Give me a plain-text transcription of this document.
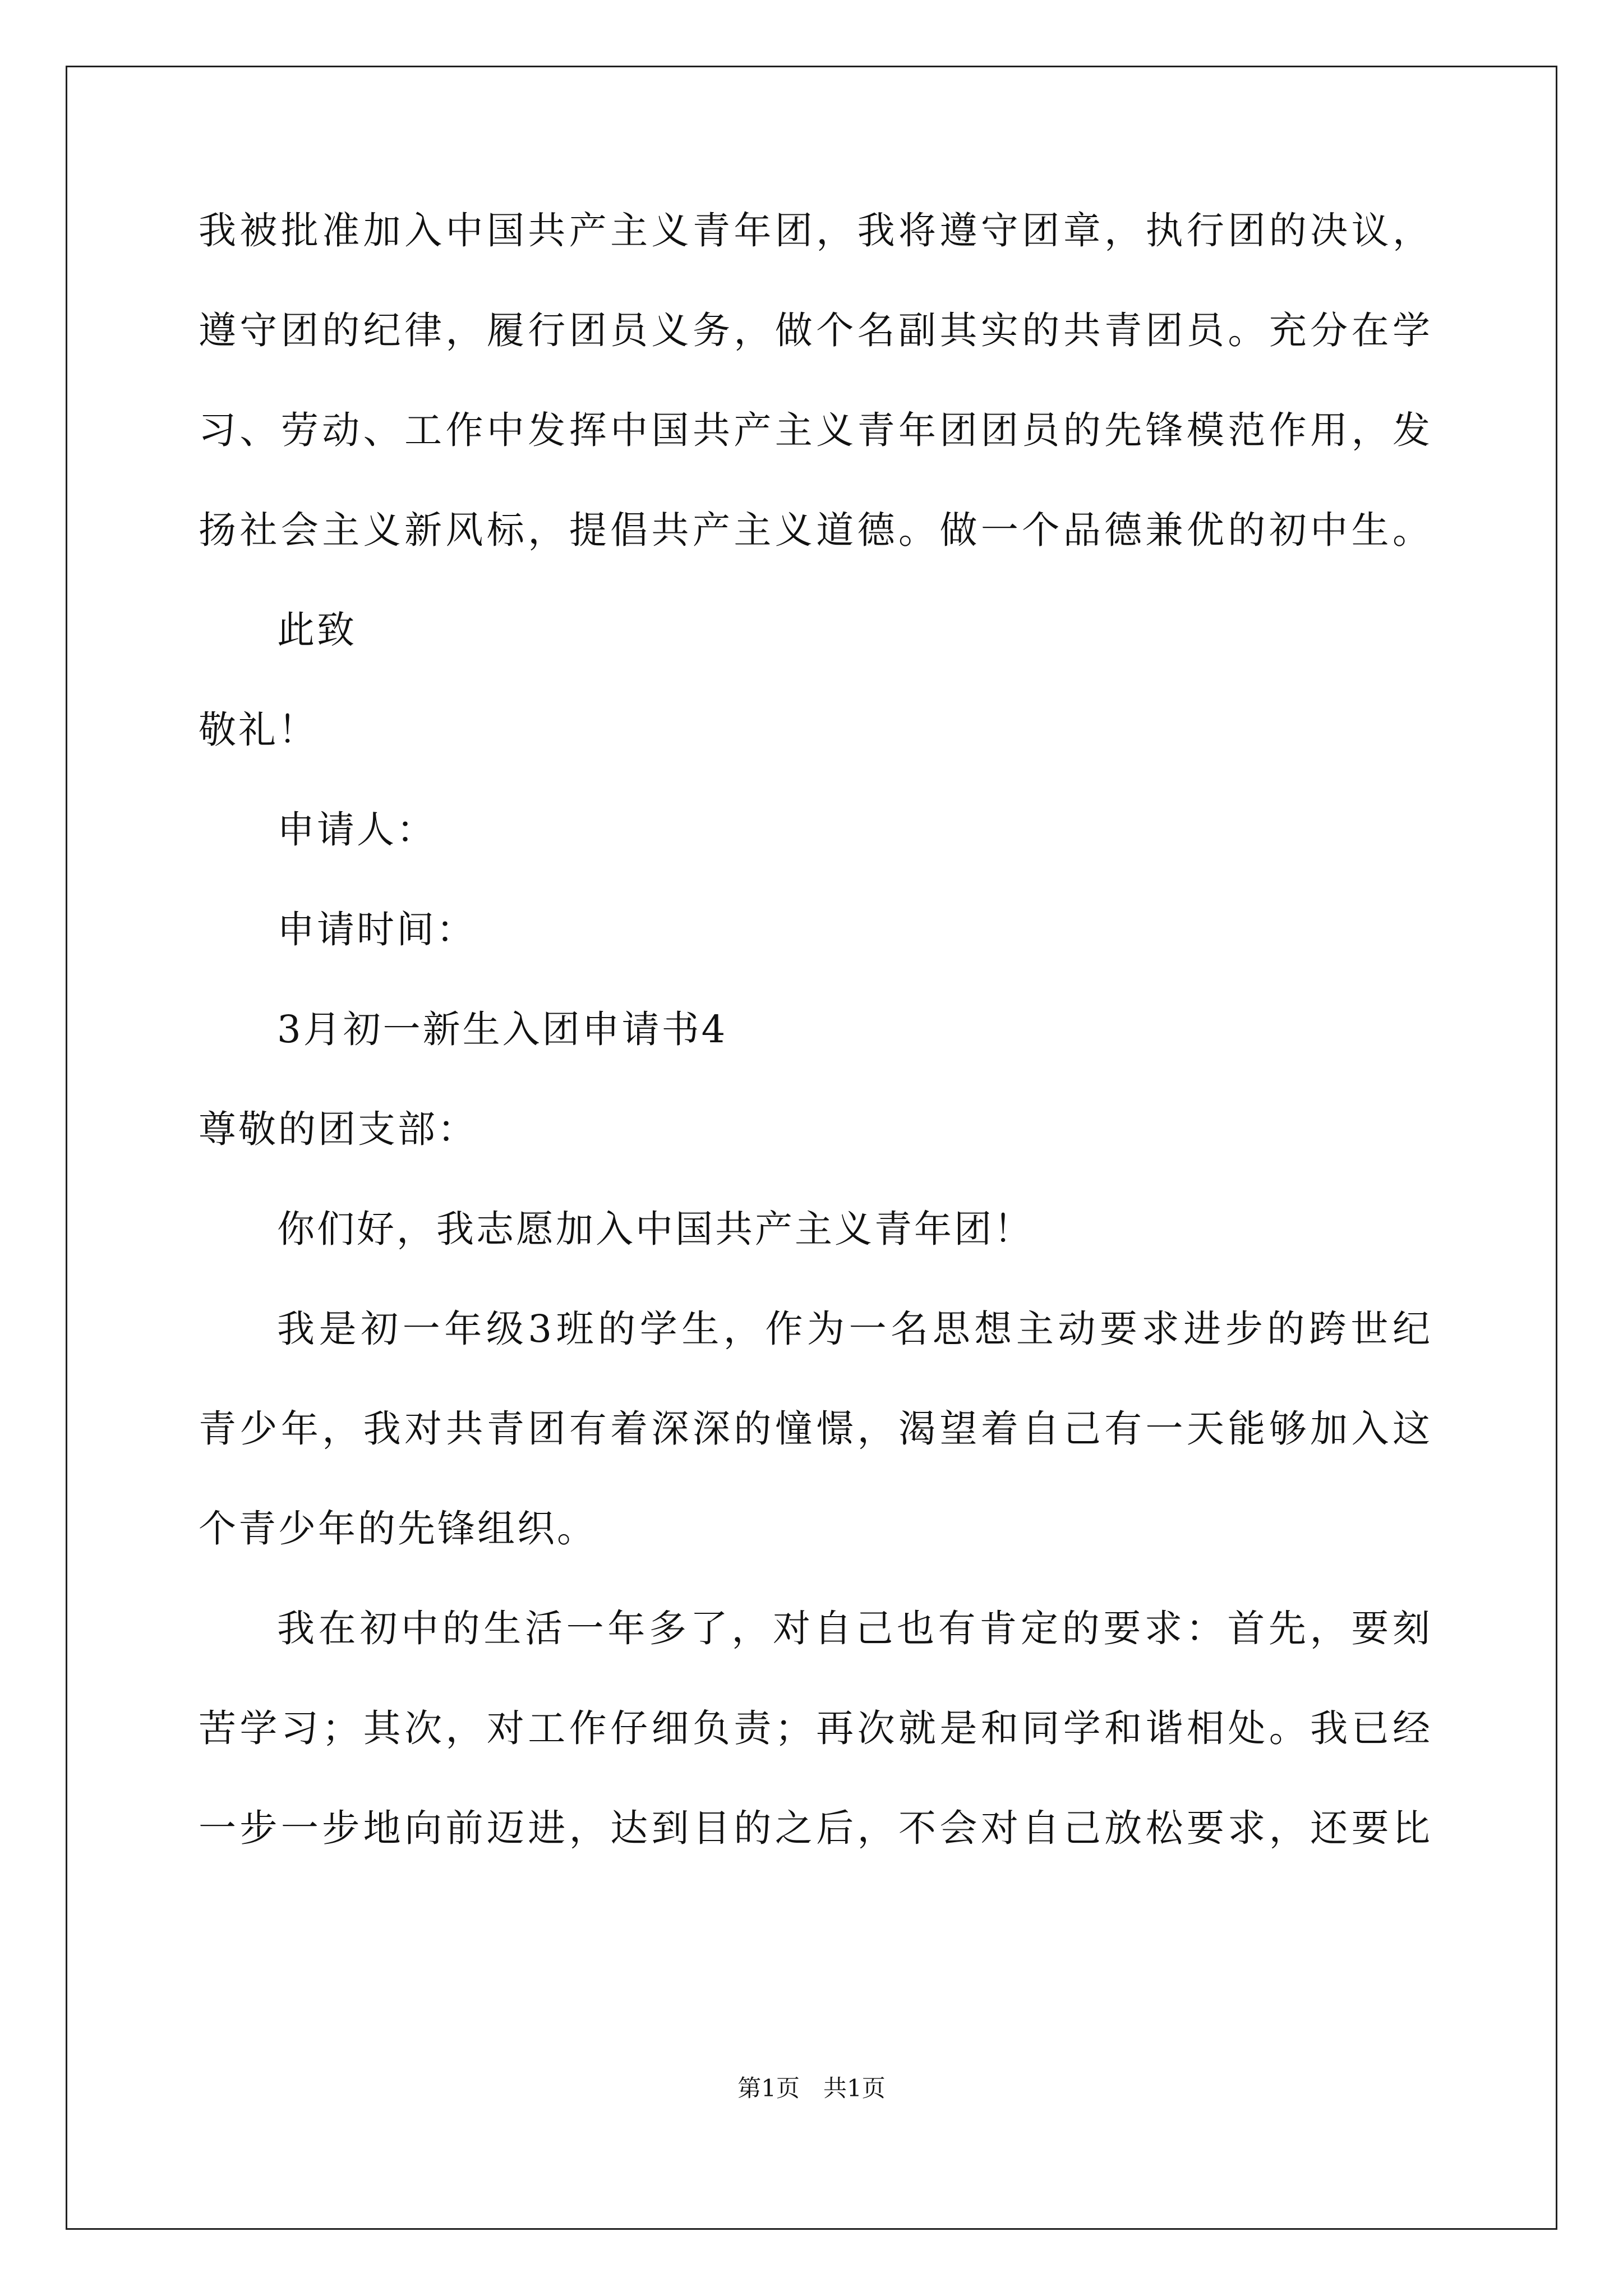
我被批准加入中国共产主义青年团，我将遵守团章，执行团的决议，
遵守团的纪律，履行团员义务，做个名副其实的共青团员。充分在学
习、劳动、工作中发挥中国共产主义青年团团员的先锋模范作用，发
扬社会主义新风标，提倡共产主义道德。做一个品德兼优的初中生。
此致
敬礼！
申请人：
申请时间：
3月初一新生入团申请书4
尊敬的团支部：
你们好，我志愿加入中国共产主义青年团！
我是初一年级3班的学生，作为一名思想主动要求进步的跨世纪
青少年，我对共青团有着深深的憧憬，渴望着自己有一天能够加入这
个青少年的先锋组织。
我在初中的生活一年多了，对自己也有肯定的要求：首先，要刻
苦学习；其次，对工作仔细负责；再次就是和同学和谐相处。我已经
一步一步地向前迈进，达到目的之后，不会对自己放松要求，还要比
第1页　共1页
